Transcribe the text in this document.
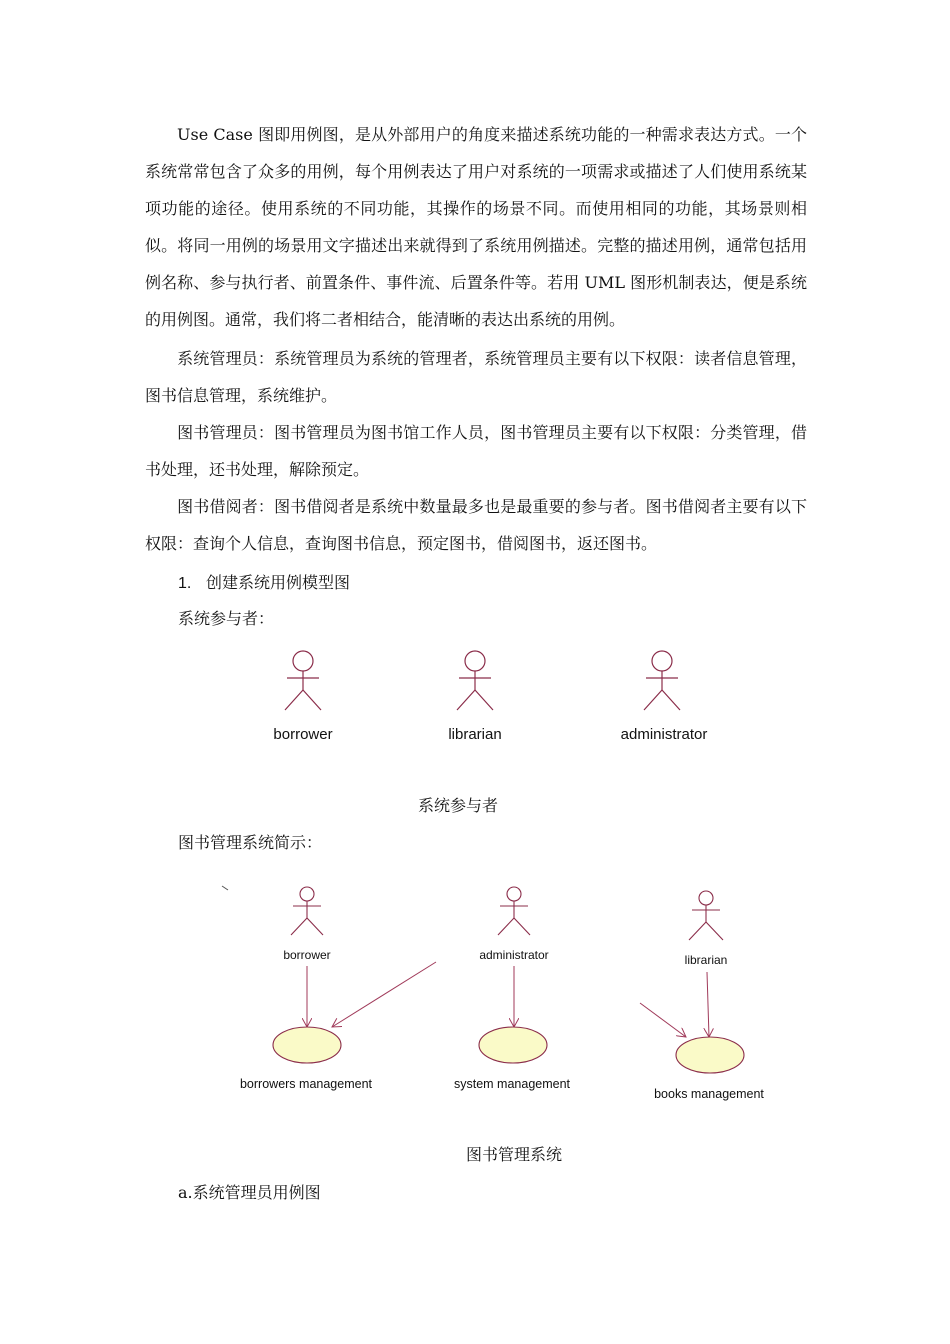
Use Case 图即用例图，是从外部用户的角度来描述系统功能的一种需求表达方式。一个系统常常包含了众多的用例，每个用例表达了用户对系统的一项需求或描述了人们使用系统某项功能的途径。使用系统的不同功能，其操作的场景不同。而使用相同的功能，其场景则相似。将同一用例的场景用文字描述出来就得到了系统用例描述。完整的描述用例，通常包括用例名称、参与执行者、前置条件、事件流、后置条件等。若用 UML 图形机制表达，便是系统的用例图。通常，我们将二者相结合，能清晰的表达出系统的用例。

系统管理员：系统管理员为系统的管理者，系统管理员主要有以下权限：读者信息管理，图书信息管理，系统维护。

图书管理员：图书管理员为图书馆工作人员，图书管理员主要有以下权限：分类管理，借书处理，还书处理，解除预定。

图书借阅者：图书借阅者是系统中数量最多也是最重要的参与者。图书借阅者主要有以下权限：查询个人信息，查询图书信息，预定图书，借阅图书，返还图书。

1. 创建系统用例模型图
系统参与者：
borrower	librarian	administrator
borrower	administrator	librarian
borrowers management	system management
books management
系统参与者
图书管理系统简示：
图书管理系统
a.系统管理员用例图
